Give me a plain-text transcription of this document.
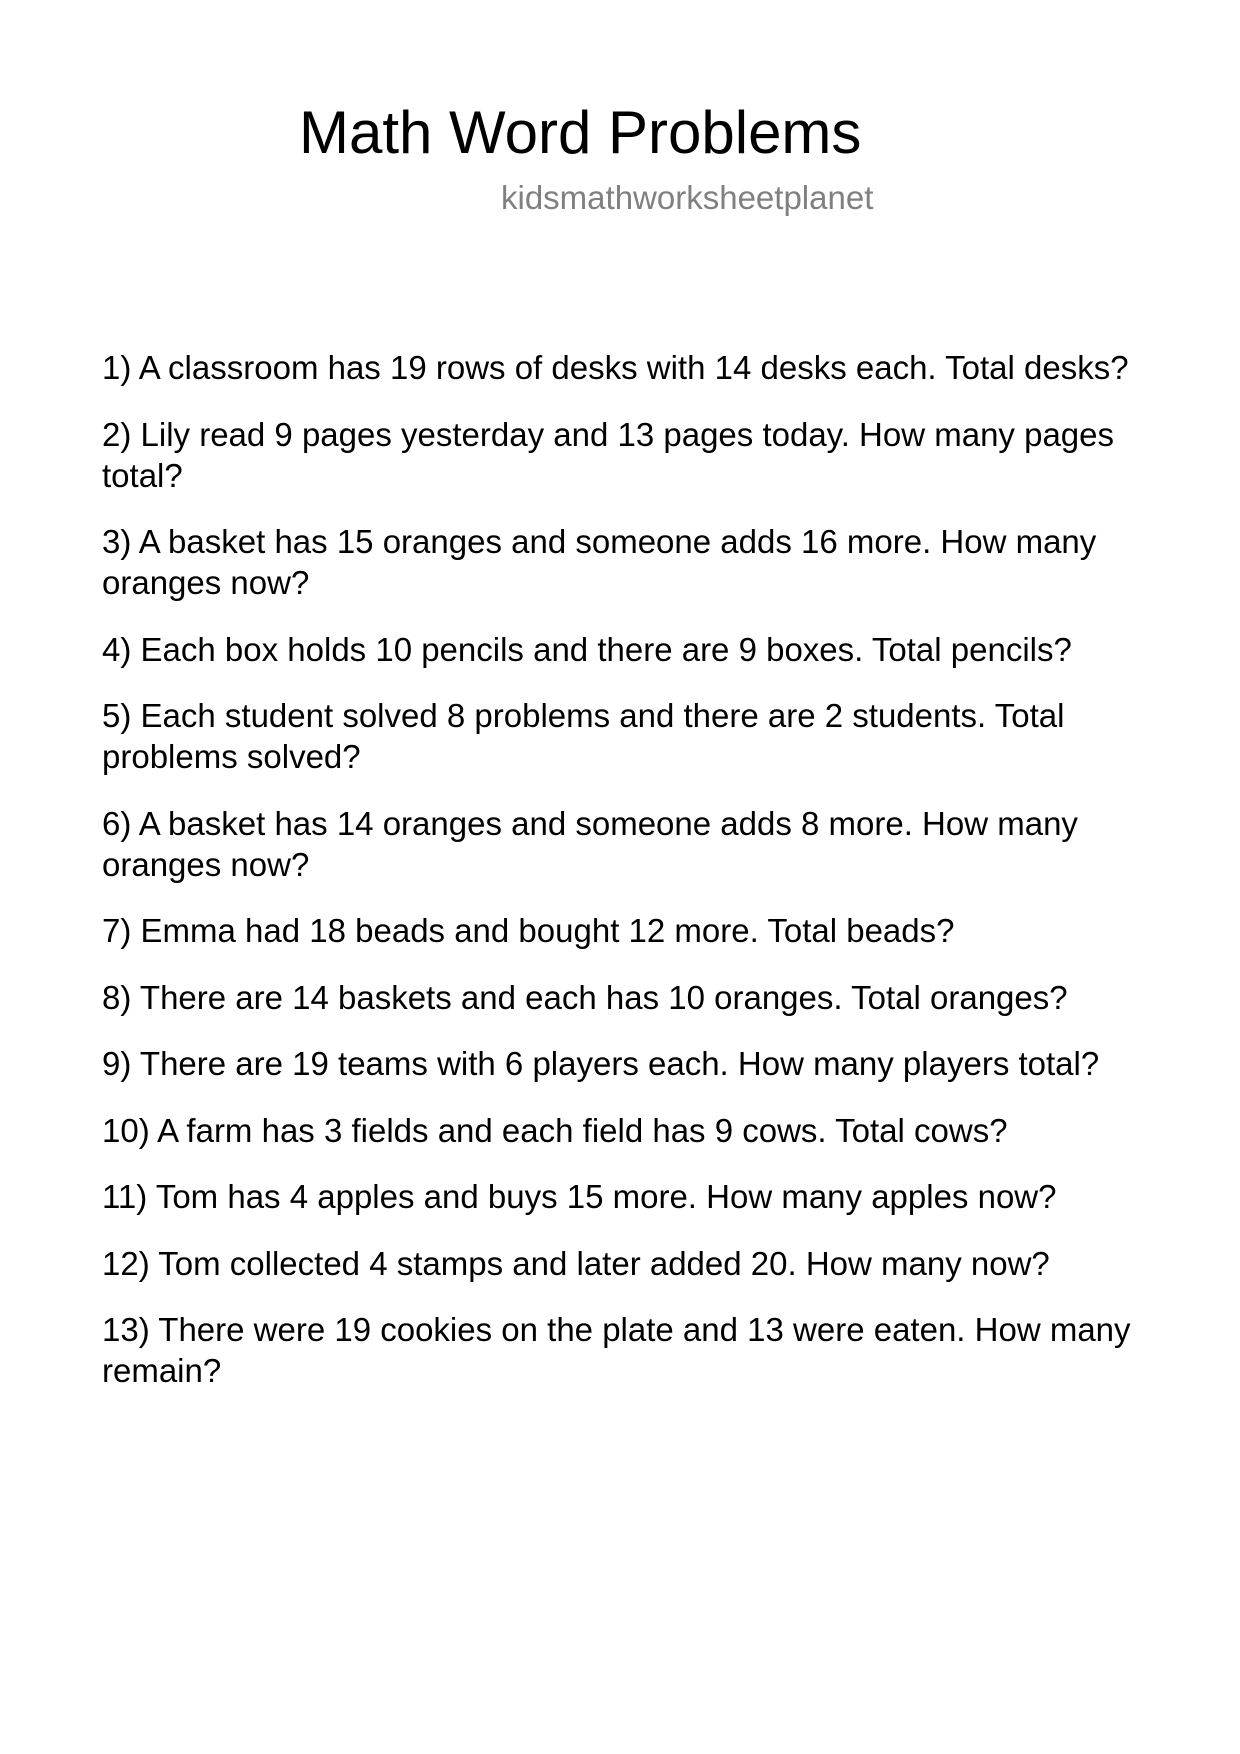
Math Word Problems
kidsmathworksheetplanet
1) A classroom has 19 rows of desks with 14 desks each. Total desks?
2) Lily read 9 pages yesterday and 13 pages today. How many pages total?
3) A basket has 15 oranges and someone adds 16 more. How many oranges now?
4) Each box holds 10 pencils and there are 9 boxes. Total pencils?
5) Each student solved 8 problems and there are 2 students. Total problems solved?
6) A basket has 14 oranges and someone adds 8 more. How many oranges now?
7) Emma had 18 beads and bought 12 more. Total beads?
8) There are 14 baskets and each has 10 oranges. Total oranges?
9) There are 19 teams with 6 players each. How many players total?
10) A farm has 3 fields and each field has 9 cows. Total cows?
11) Tom has 4 apples and buys 15 more. How many apples now?
12) Tom collected 4 stamps and later added 20. How many now?
13) There were 19 cookies on the plate and 13 were eaten. How many remain?
